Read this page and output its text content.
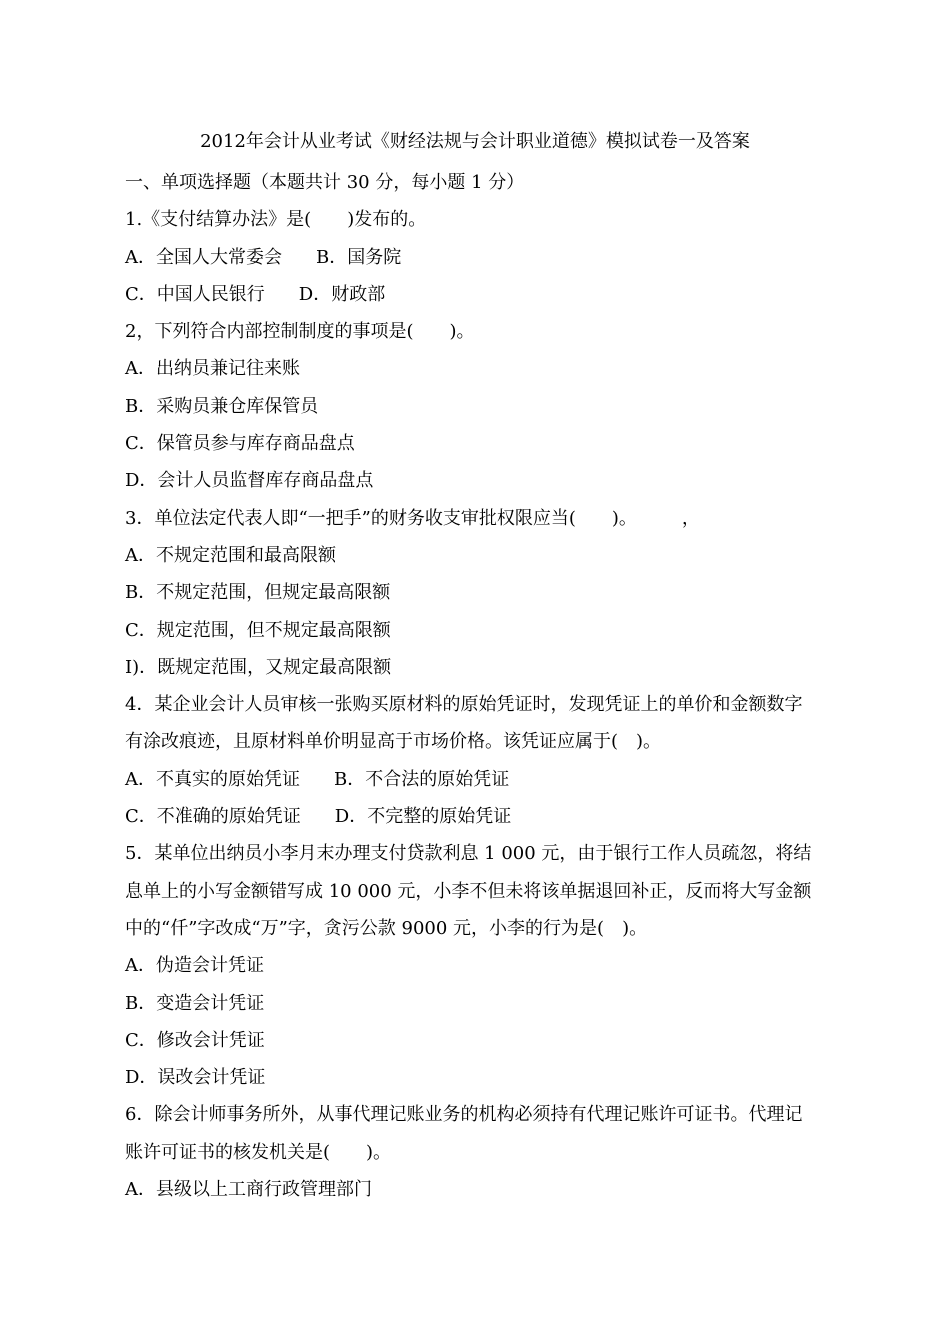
2012年会计从业考试《财经法规与会计职业道德》模拟试卷一及答案
一、单项选择题（本题共计 30 分，每小题 1 分）
1.《支付结算办法》是(　　)发布的。
A．全国人大常委会 B．国务院
C．中国人民银行 D．财政部
2，下列符合内部控制制度的事项是(　　)。
A．出纳员兼记往来账
B．采购员兼仓库保管员
C．保管员参与库存商品盘点
D．会计人员监督库存商品盘点
3．单位法定代表人即“一把手”的财务收支审批权限应当(　　)。　　　，
A．不规定范围和最高限额
B．不规定范围，但规定最高限额
C．规定范围，但不规定最高限额
I)．既规定范围，又规定最高限额
4．某企业会计人员审核一张购买原材料的原始凭证时，发现凭证上的单价和金额数字
有涂改痕迹，且原材料单价明显高于市场价格。该凭证应属于(　)。
A．不真实的原始凭证 B．不合法的原始凭证
C．不准确的原始凭证 D．不完整的原始凭证
5．某单位出纳员小李月末办理支付贷款利息 1 000 元，由于银行工作人员疏忽，将结
息单上的小写金额错写成 10 000 元，小李不但未将该单据退回补正，反而将大写金额
中的“仟”字改成“万”字，贪污公款 9000 元，小李的行为是(　)。
A．伪造会计凭证
B．变造会计凭证
C．修改会计凭证
D．误改会计凭证
6．除会计师事务所外，从事代理记账业务的机构必须持有代理记账许可证书。代理记
账许可证书的核发机关是(　　)。
A．县级以上工商行政管理部门
